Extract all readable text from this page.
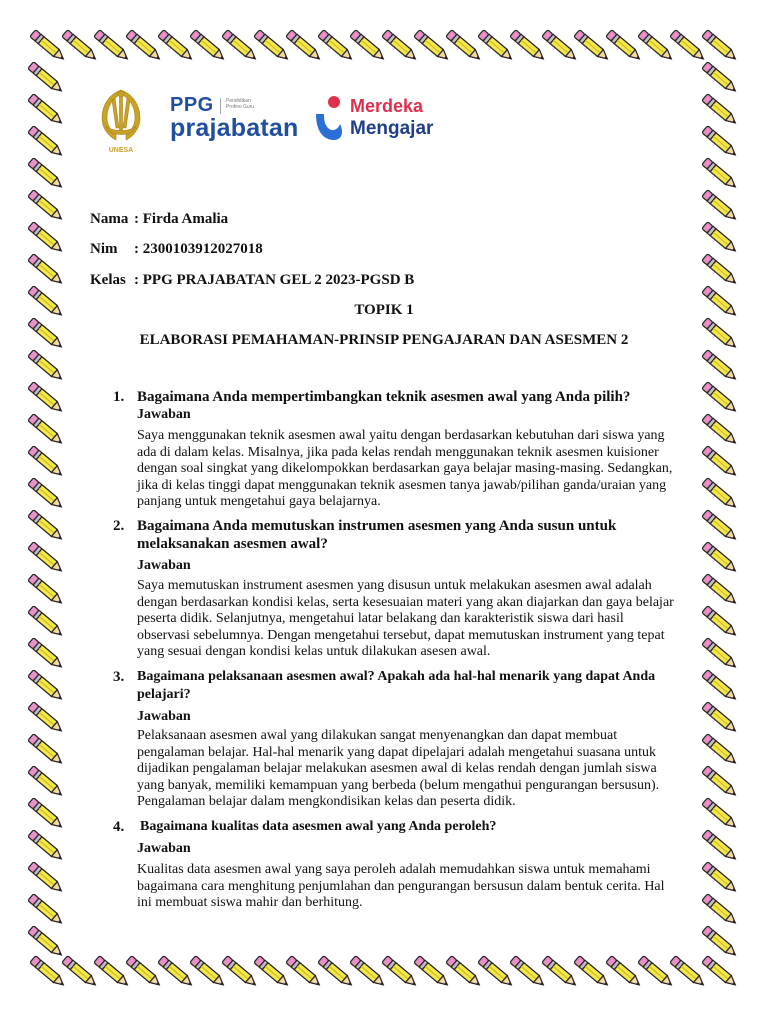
UNESA
PPG Pendidikan Profesi Guru
prajabatan
Merdeka
Mengajar
Nama : Firda Amalia
Nim : 2300103912027018
Kelas : PPG PRAJABATAN GEL 2 2023-PGSD B
TOPIK 1
ELABORASI PEMAHAMAN-PRINSIP PENGAJARAN DAN ASESMEN 2
1. Bagaimana Anda mempertimbangkan teknik asesmen awal yang Anda pilih?
Jawaban
Saya menggunakan teknik asesmen awal yaitu dengan berdasarkan kebutuhan dari siswa yang ada di dalam kelas. Misalnya, jika pada kelas rendah menggunakan teknik asesmen kuisioner dengan soal singkat yang dikelompokkan berdasarkan gaya belajar masing-masing. Sedangkan, jika di kelas tinggi dapat menggunakan teknik asesmen tanya jawab/pilihan ganda/uraian yang panjang untuk mengetahui gaya belajarnya.
2. Bagaimana Anda memutuskan instrumen asesmen yang Anda susun untuk melaksanakan asesmen awal?
Jawaban
Saya memutuskan instrument asesmen yang disusun untuk melakukan asesmen awal adalah dengan berdasarkan kondisi kelas, serta kesesuaian materi yang akan diajarkan dan gaya belajar peserta didik. Selanjutnya, mengetahui latar belakang dan karakteristik siswa dari hasil observasi sebelumnya. Dengan mengetahui tersebut, dapat memutuskan instrument yang tepat yang sesuai dengan kondisi kelas untuk dilakukan asesen awal.
3. Bagaimana pelaksanaan asesmen awal? Apakah ada hal-hal menarik yang dapat Anda pelajari?
Jawaban
Pelaksanaan asesmen awal yang dilakukan sangat menyenangkan dan dapat membuat pengalaman belajar. Hal-hal menarik yang dapat dipelajari adalah mengetahui suasana untuk dijadikan pengalaman belajar melakukan asesmen awal di kelas rendah dengan jumlah siswa yang banyak, memiliki kemampuan yang berbeda (belum mengathui pengurangan bersusun). Pengalaman belajar dalam mengkondisikan kelas dan peserta didik.
4. Bagaimana kualitas data asesmen awal yang Anda peroleh?
Jawaban
Kualitas data asesmen awal yang saya peroleh adalah memudahkan siswa untuk memahami bagaimana cara menghitung penjumlahan dan pengurangan bersusun dalam bentuk cerita. Hal ini membuat siswa mahir dan berhitung.
